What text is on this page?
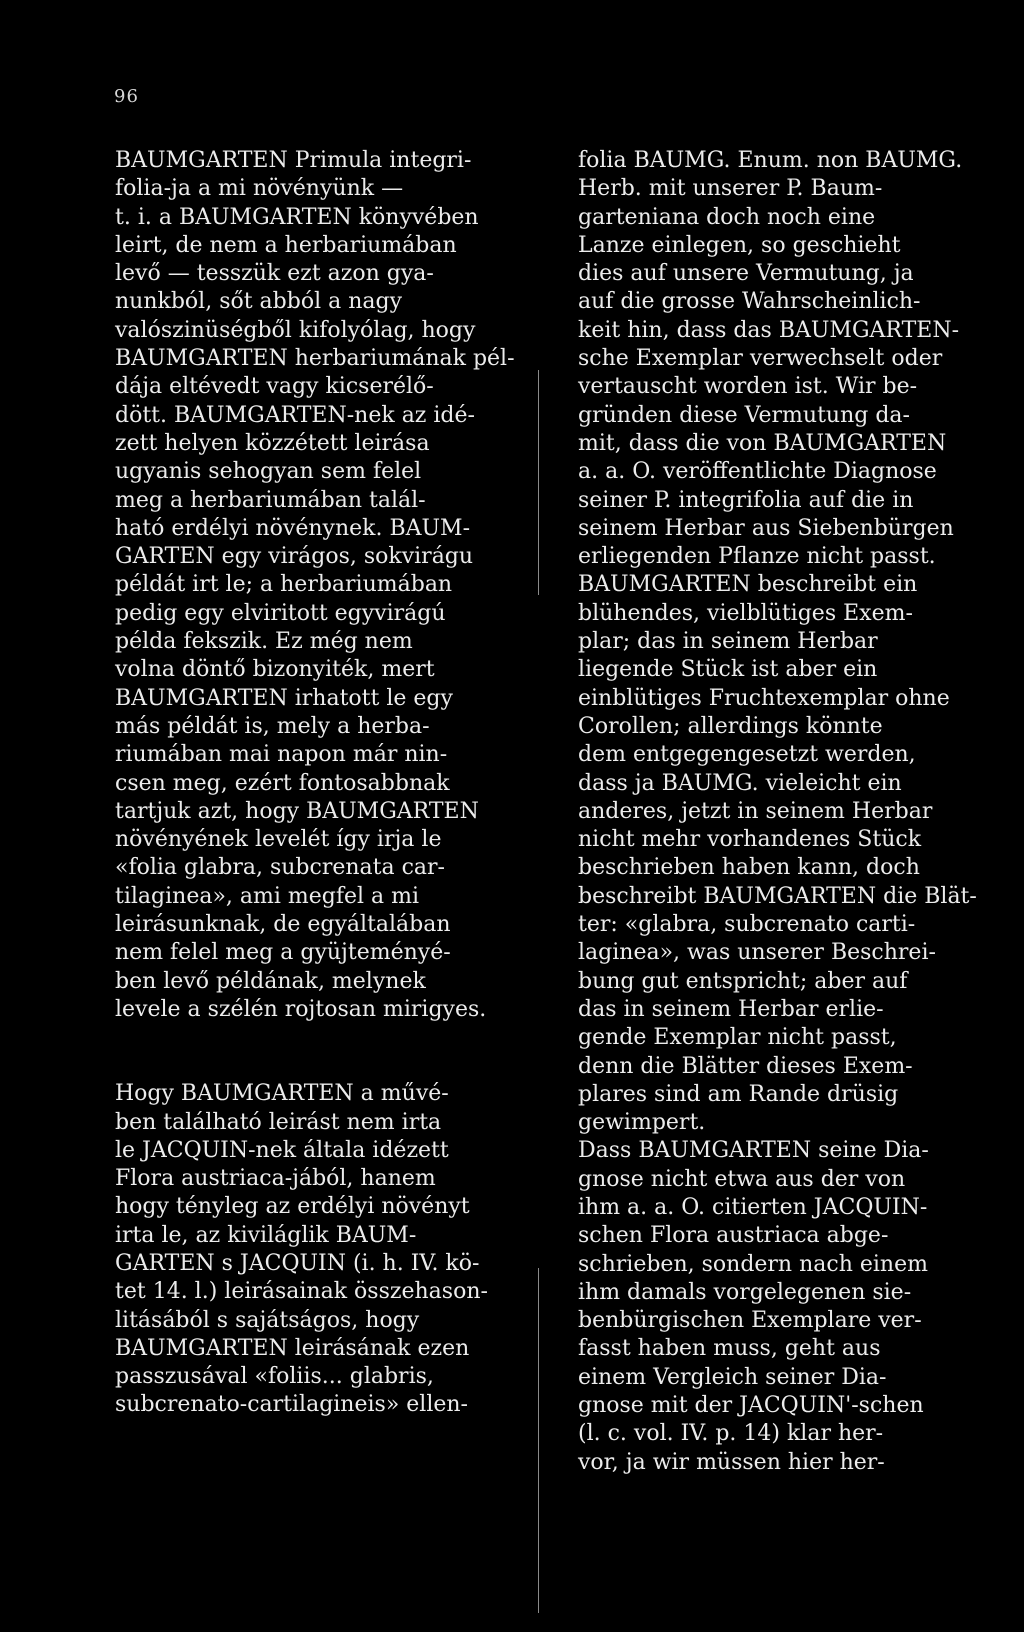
96
BAUMGARTEN Primula integri-
folia-ja a mi növényünk —
t. i. a BAUMGARTEN könyvében
leirt, de nem a herbariumában
levő — tesszük ezt azon gya-
nunkból, sőt abból a nagy
valószinüségből kifolyólag, hogy
BAUMGARTEN herbariumának pél-
dája eltévedt vagy kicserélő-
dött. BAUMGARTEN-nek az idé-
zett helyen közzétett leirása
ugyanis sehogyan sem felel
meg a herbariumában talál-
ható erdélyi növénynek. BAUM-
GARTEN egy virágos, sokvirágu
példát irt le; a herbariumában
pedig egy elviritott egyvirágú
példa fekszik. Ez még nem
volna döntő bizonyiték, mert
BAUMGARTEN irhatott le egy
más példát is, mely a herba-
riumában mai napon már nin-
csen meg, ezért fontosabbnak
tartjuk azt, hogy BAUMGARTEN
növényének levelét így irja le
«folia glabra, subcrenata car-
tilaginea», ami megfel a mi
leirásunknak, de egyáltalában
nem felel meg a gyüjteményé-
ben levő példának, melynek
levele a szélén rojtosan mirigyes.
Hogy BAUMGARTEN a művé-
ben található leirást nem irta
le JACQUIN-nek általa idézett
Flora austriaca-jából, hanem
hogy tényleg az erdélyi növényt
irta le, az kiviláglik BAUM-
GARTEN s JACQUIN (i. h. IV. kö-
tet 14. l.) leirásainak összehason-
litásából s sajátságos, hogy
BAUMGARTEN leirásának ezen
passzusával «foliis... glabris,
subcrenato-cartilagineis» ellen-
folia BAUMG. Enum. non BAUMG.
Herb. mit unserer P. Baum-
garteniana doch noch eine
Lanze einlegen, so geschieht
dies auf unsere Vermutung, ja
auf die grosse Wahrscheinlich-
keit hin, dass das BAUMGARTEN-
sche Exemplar verwechselt oder
vertauscht worden ist. Wir be-
gründen diese Vermutung da-
mit, dass die von BAUMGARTEN
a. a. O. veröffentlichte Diagnose
seiner P. integrifolia auf die in
seinem Herbar aus Siebenbürgen
erliegenden Pflanze nicht passt.
BAUMGARTEN beschreibt ein
blühendes, vielblütiges Exem-
plar; das in seinem Herbar
liegende Stück ist aber ein
einblütiges Fruchtexemplar ohne
Corollen; allerdings könnte
dem entgegengesetzt werden,
dass ja BAUMG. vieleicht ein
anderes, jetzt in seinem Herbar
nicht mehr vorhandenes Stück
beschrieben haben kann, doch
beschreibt BAUMGARTEN die Blät-
ter: «glabra, subcrenato carti-
laginea», was unserer Beschrei-
bung gut entspricht; aber auf
das in seinem Herbar erlie-
gende Exemplar nicht passt,
denn die Blätter dieses Exem-
plares sind am Rande drüsig
gewimpert.
Dass BAUMGARTEN seine Dia-
gnose nicht etwa aus der von
ihm a. a. O. citierten JACQUIN-
schen Flora austriaca abge-
schrieben, sondern nach einem
ihm damals vorgelegenen sie-
benbürgischen Exemplare ver-
fasst haben muss, geht aus
einem Vergleich seiner Dia-
gnose mit der JACQUIN'-schen
(l. c. vol. IV. p. 14) klar her-
vor, ja wir müssen hier her-
